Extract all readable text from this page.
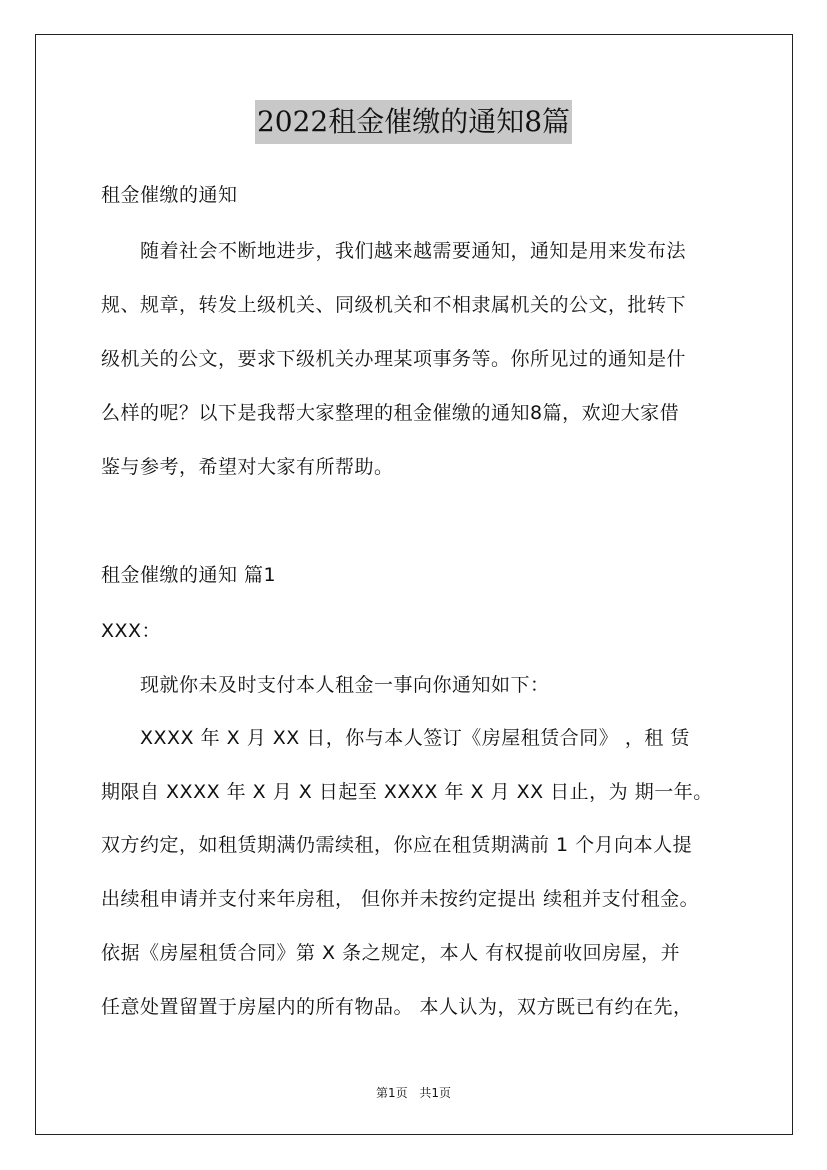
2022租金催缴的通知8篇
租金催缴的通知
　　随着社会不断地进步，我们越来越需要通知，通知是用来发布法
规、规章，转发上级机关、同级机关和不相隶属机关的公文，批转下
级机关的公文，要求下级机关办理某项事务等。你所见过的通知是什
么样的呢？以下是我帮大家整理的租金催缴的通知8篇，欢迎大家借
鉴与参考，希望对大家有所帮助。
租金催缴的通知 篇1
XXX：
　　现就你未及时支付本人租金一事向你通知如下：
　　XXXX 年 X 月 XX 日，你与本人签订《房屋租赁合同》 ，租 赁
期限自 XXXX 年 X 月 X 日起至 XXXX 年 X 月 XX 日止，为 期一年。
双方约定，如租赁期满仍需续租，你应在租赁期满前 1 个月向本人提
出续租申请并支付来年房租， 但你并未按约定提出 续租并支付租金。
依据《房屋租赁合同》第 X 条之规定，本人 有权提前收回房屋，并
任意处置留置于房屋内的所有物品。 本人认为，双方既已有约在先，
第1页 共1页
